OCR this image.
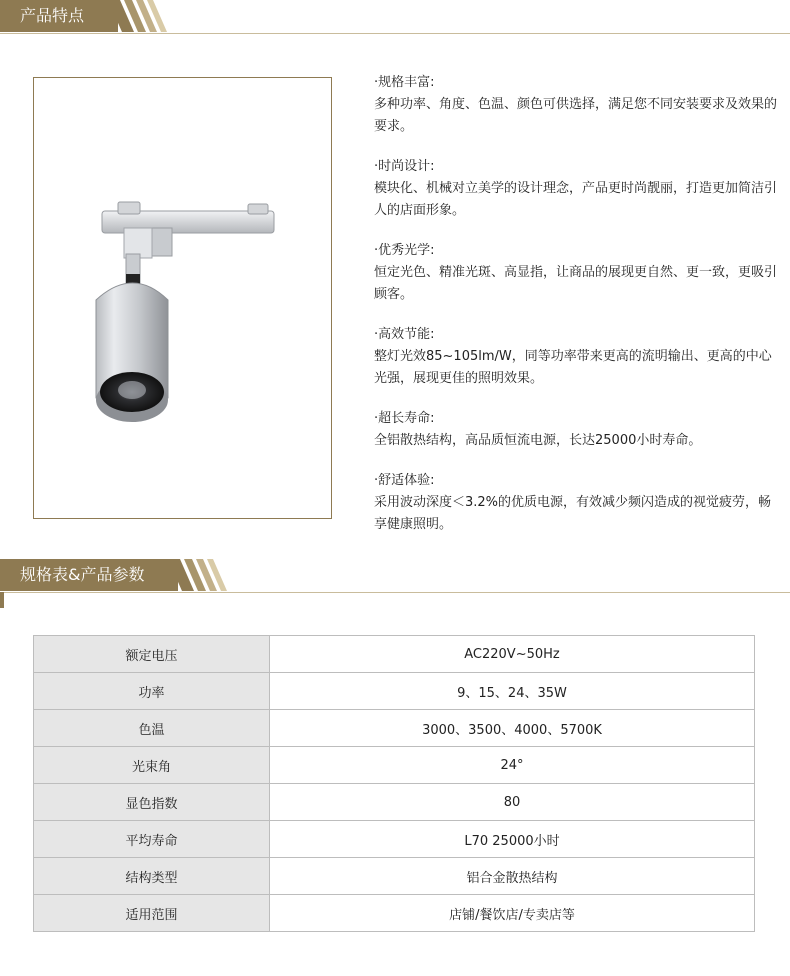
产品特点
·规格丰富:
多种功率、角度、色温、颜色可供选择，满足您不同安装要求及效果的要求。
·时尚设计:
模块化、机械对立美学的设计理念，产品更时尚靓丽，打造更加简洁引人的店面形象。
·优秀光学:
恒定光色、精准光斑、高显指，让商品的展现更自然、更一致，更吸引顾客。
·高效节能:
整灯光效85~105lm/W，同等功率带来更高的流明输出、更高的中心光强，展现更佳的照明效果。
·超长寿命:
全铝散热结构，高品质恒流电源，长达25000小时寿命。
·舒适体验:
采用波动深度＜3.2%的优质电源，有效减少频闪造成的视觉疲劳，畅享健康照明。
规格表&产品参数
额定电压	AC220V~50Hz
功率	9、15、24、35W
色温	3000、3500、4000、5700K
光束角	24°
显色指数	80
平均寿命	L70 25000小时
结构类型	铝合金散热结构
适用范围	店铺/餐饮店/专卖店等
